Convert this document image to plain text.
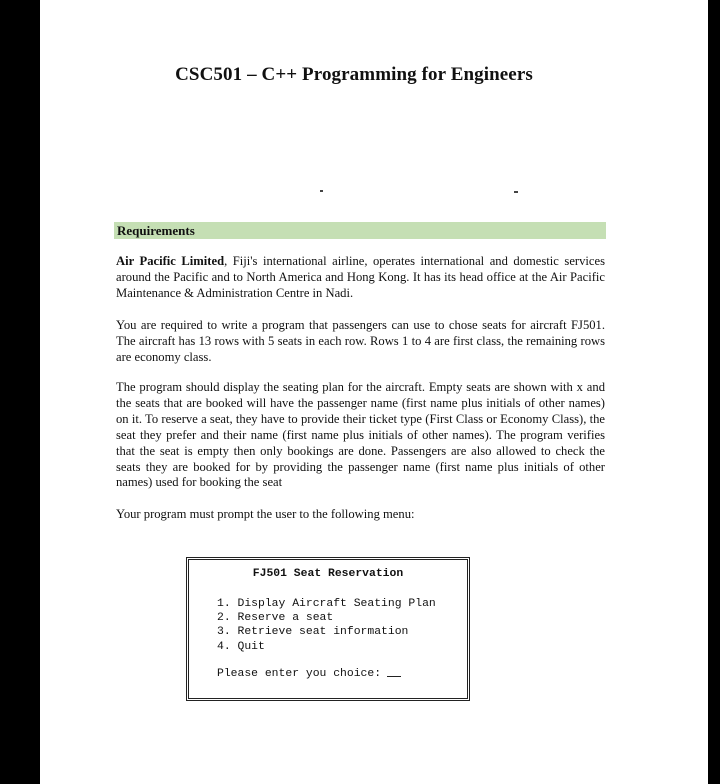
CSC501 – C++ Programming for Engineers
Requirements

Air Pacific Limited, Fiji's international airline, operates international and domestic services around the Pacific and to North America and Hong Kong. It has its head office at the Air Pacific Maintenance & Administration Centre in Nadi.

You are required to write a program that passengers can use to chose seats for aircraft FJ501. The aircraft has 13 rows with 5 seats in each row. Rows 1 to 4 are first class, the remaining rows are economy class.

The program should display the seating plan for the aircraft. Empty seats are shown with x and the seats that are booked will have the passenger name (first name plus initials of other names) on it. To reserve a seat, they have to provide their ticket type (First Class or Economy Class), the seat they prefer and their name (first name plus initials of other names). The program verifies that the seat is empty then only bookings are done. Passengers are also allowed to check the seats they are booked for by providing the passenger name (first name plus initials of other names) used for booking the seat

Your program must prompt the user to the following menu:

FJ501 Seat Reservation
1. Display Aircraft Seating Plan
2. Reserve a seat
3. Retrieve seat information
4. Quit
Please enter you choice:
